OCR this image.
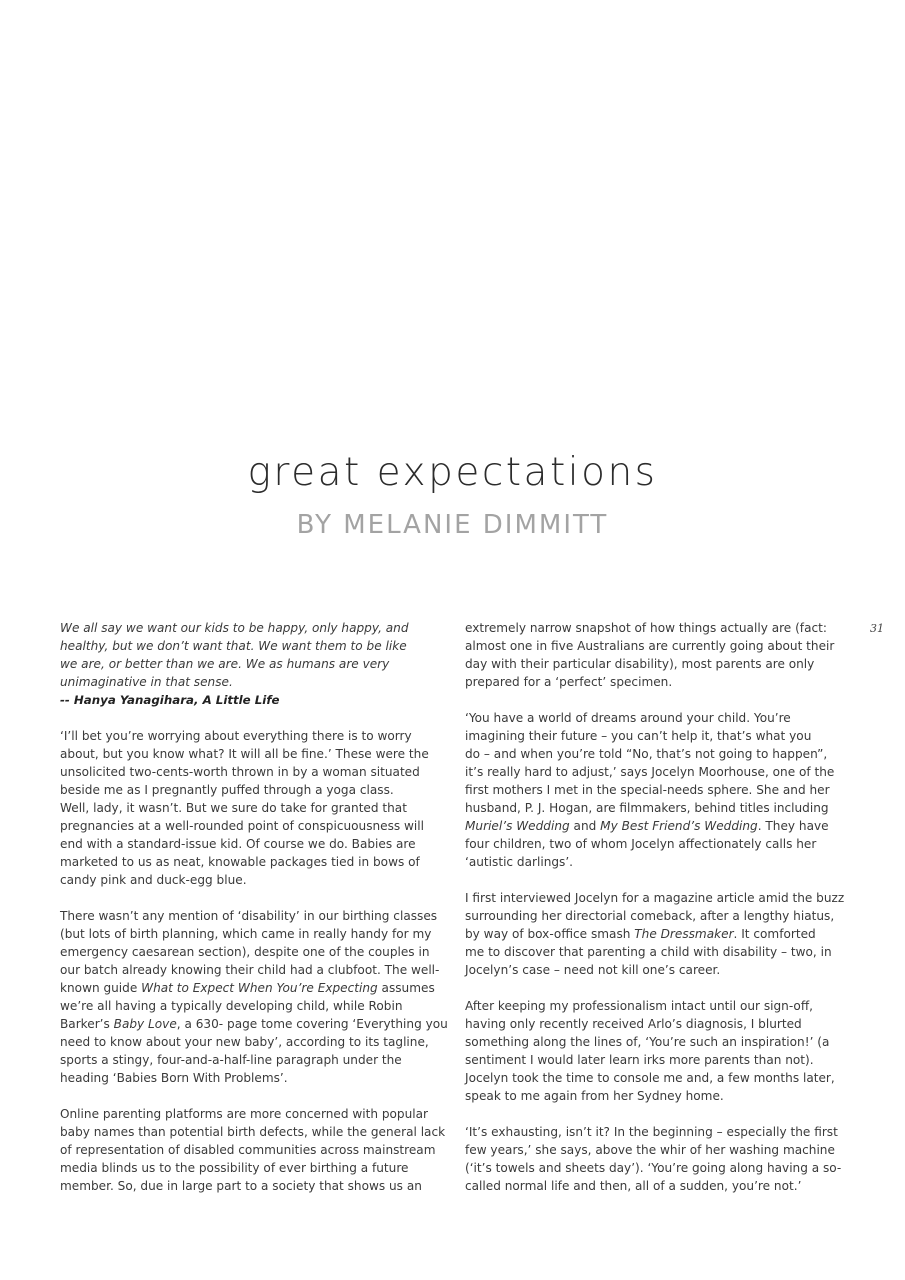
great expectations
BY MELANIE DIMMITT
31

We all say we want our kids to be happy, only happy, and
healthy, but we don’t want that. We want them to be like
we are, or better than we are. We as humans are very
unimaginative in that sense.

-- Hanya Yanagihara, A Little Life

‘I’ll bet you’re worrying about everything there is to worry
about, but you know what? It will all be fine.’ These were the
unsolicited two-cents-worth thrown in by a woman situated
beside me as I pregnantly puffed through a yoga class.
Well, lady, it wasn’t. But we sure do take for granted that
pregnancies at a well-rounded point of conspicuousness will
end with a standard-issue kid. Of course we do. Babies are
marketed to us as neat, knowable packages tied in bows of
candy pink and duck-egg blue.

There wasn’t any mention of ‘disability’ in our birthing classes
(but lots of birth planning, which came in really handy for my
emergency caesarean section), despite one of the couples in
our batch already knowing their child had a clubfoot. The well-
known guide What to Expect When You’re Expecting assumes
we’re all having a typically developing child, while Robin
Barker’s Baby Love, a 630- page tome covering ‘Everything you
need to know about your new baby’, according to its tagline,
sports a stingy, four-and-a-half-line paragraph under the
heading ‘Babies Born With Problems’.

Online parenting platforms are more concerned with popular
baby names than potential birth defects, while the general lack
of representation of disabled communities across mainstream
media blinds us to the possibility of ever birthing a future
member. So, due in large part to a society that shows us an

extremely narrow snapshot of how things actually are (fact:
almost one in five Australians are currently going about their
day with their particular disability), most parents are only
prepared for a ‘perfect’ specimen.

‘You have a world of dreams around your child. You’re
imagining their future – you can’t help it, that’s what you
do – and when you’re told “No, that’s not going to happen”,
it’s really hard to adjust,’ says Jocelyn Moorhouse, one of the
first mothers I met in the special-needs sphere. She and her
husband, P. J. Hogan, are filmmakers, behind titles including
Muriel’s Wedding and My Best Friend’s Wedding. They have
four children, two of whom Jocelyn affectionately calls her
‘autistic darlings’.

I first interviewed Jocelyn for a magazine article amid the buzz
surrounding her directorial comeback, after a lengthy hiatus,
by way of box-office smash The Dressmaker. It comforted
me to discover that parenting a child with disability – two, in
Jocelyn’s case – need not kill one’s career.

After keeping my professionalism intact until our sign-off,
having only recently received Arlo’s diagnosis, I blurted
something along the lines of, ‘You’re such an inspiration!’ (a
sentiment I would later learn irks more parents than not).
Jocelyn took the time to console me and, a few months later,
speak to me again from her Sydney home.

‘It’s exhausting, isn’t it? In the beginning – especially the first
few years,’ she says, above the whir of her washing machine
(‘it’s towels and sheets day’). ‘You’re going along having a so-
called normal life and then, all of a sudden, you’re not.’
